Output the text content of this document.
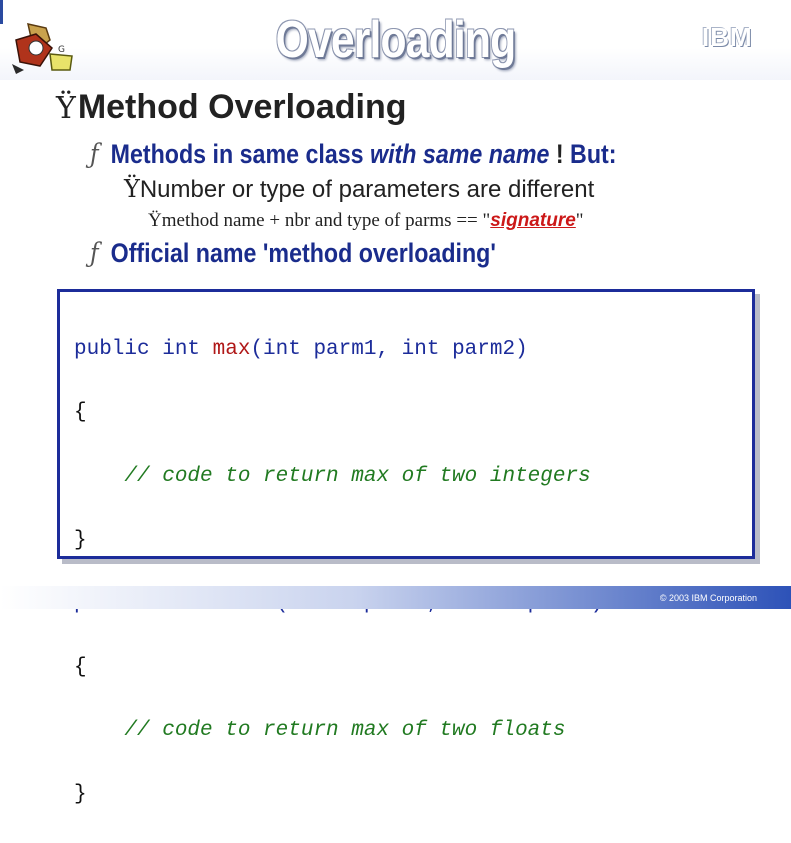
G	Overloading	IBM
ŸMethod Overloading
ƒ Methods in same class with same name ! But:
ŸNumber or type of parameters are different
Ÿmethod name + nbr and type of parms == "signature"
ƒ Official name 'method overloading'

public int max(int parm1, int parm2)

{

// code to return max of two integers

}

{

// code to return max of two floats

}

© 2003 IBM Corporation
